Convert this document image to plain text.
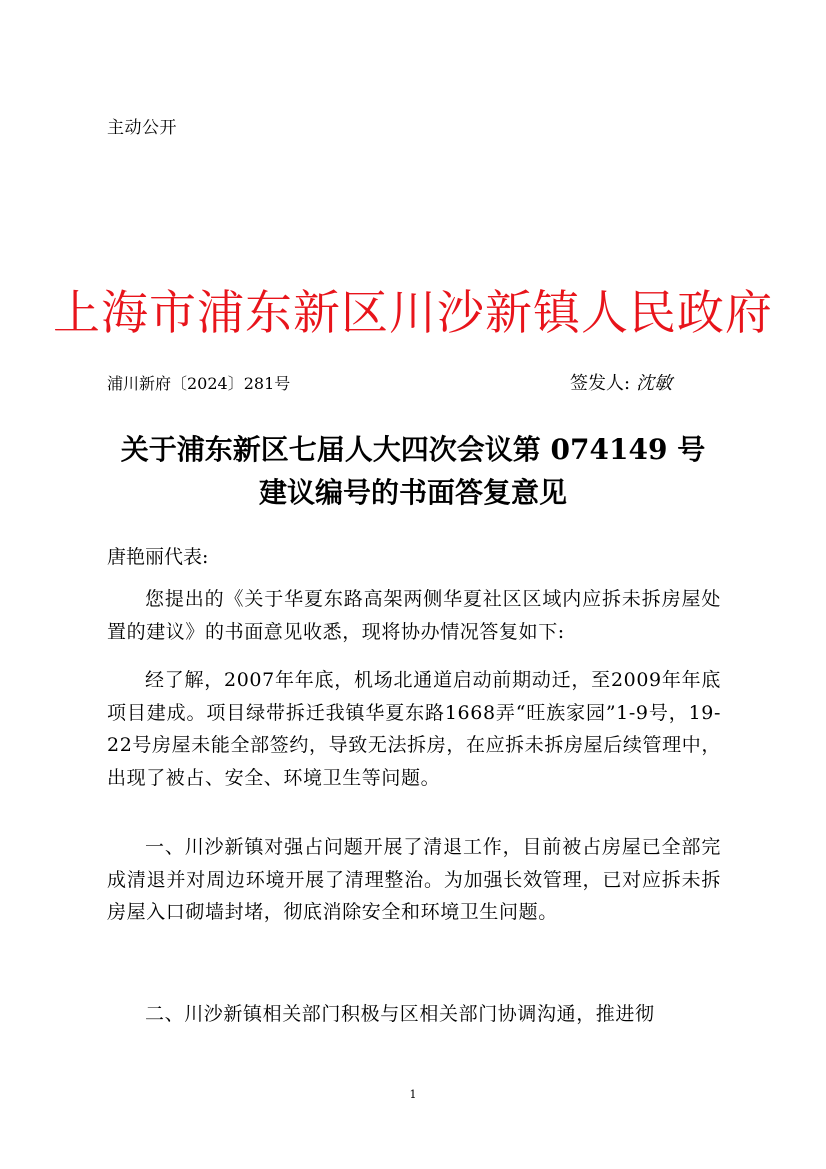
主动公开
上海市浦东新区川沙新镇人民政府
浦川新府〔2024〕281号	签发人: 沈敏
关于浦东新区七届人大四次会议第 074149 号
建议编号的书面答复意见
唐艳丽代表:
您提出的《关于华夏东路高架两侧华夏社区区域内应拆未拆房屋处置的建议》的书面意见收悉，现将协办情况答复如下:
经了解，2007年年底，机场北通道启动前期动迁，至2009年年底项目建成。项目绿带拆迁我镇华夏东路1668弄“旺族家园”1-9号，19-22号房屋未能全部签约，导致无法拆房，在应拆未拆房屋后续管理中，出现了被占、安全、环境卫生等问题。
一、川沙新镇对强占问题开展了清退工作，目前被占房屋已全部完成清退并对周边环境开展了清理整治。为加强长效管理，已对应拆未拆房屋入口砌墙封堵，彻底消除安全和环境卫生问题。
二、川沙新镇相关部门积极与区相关部门协调沟通，推进彻
1
